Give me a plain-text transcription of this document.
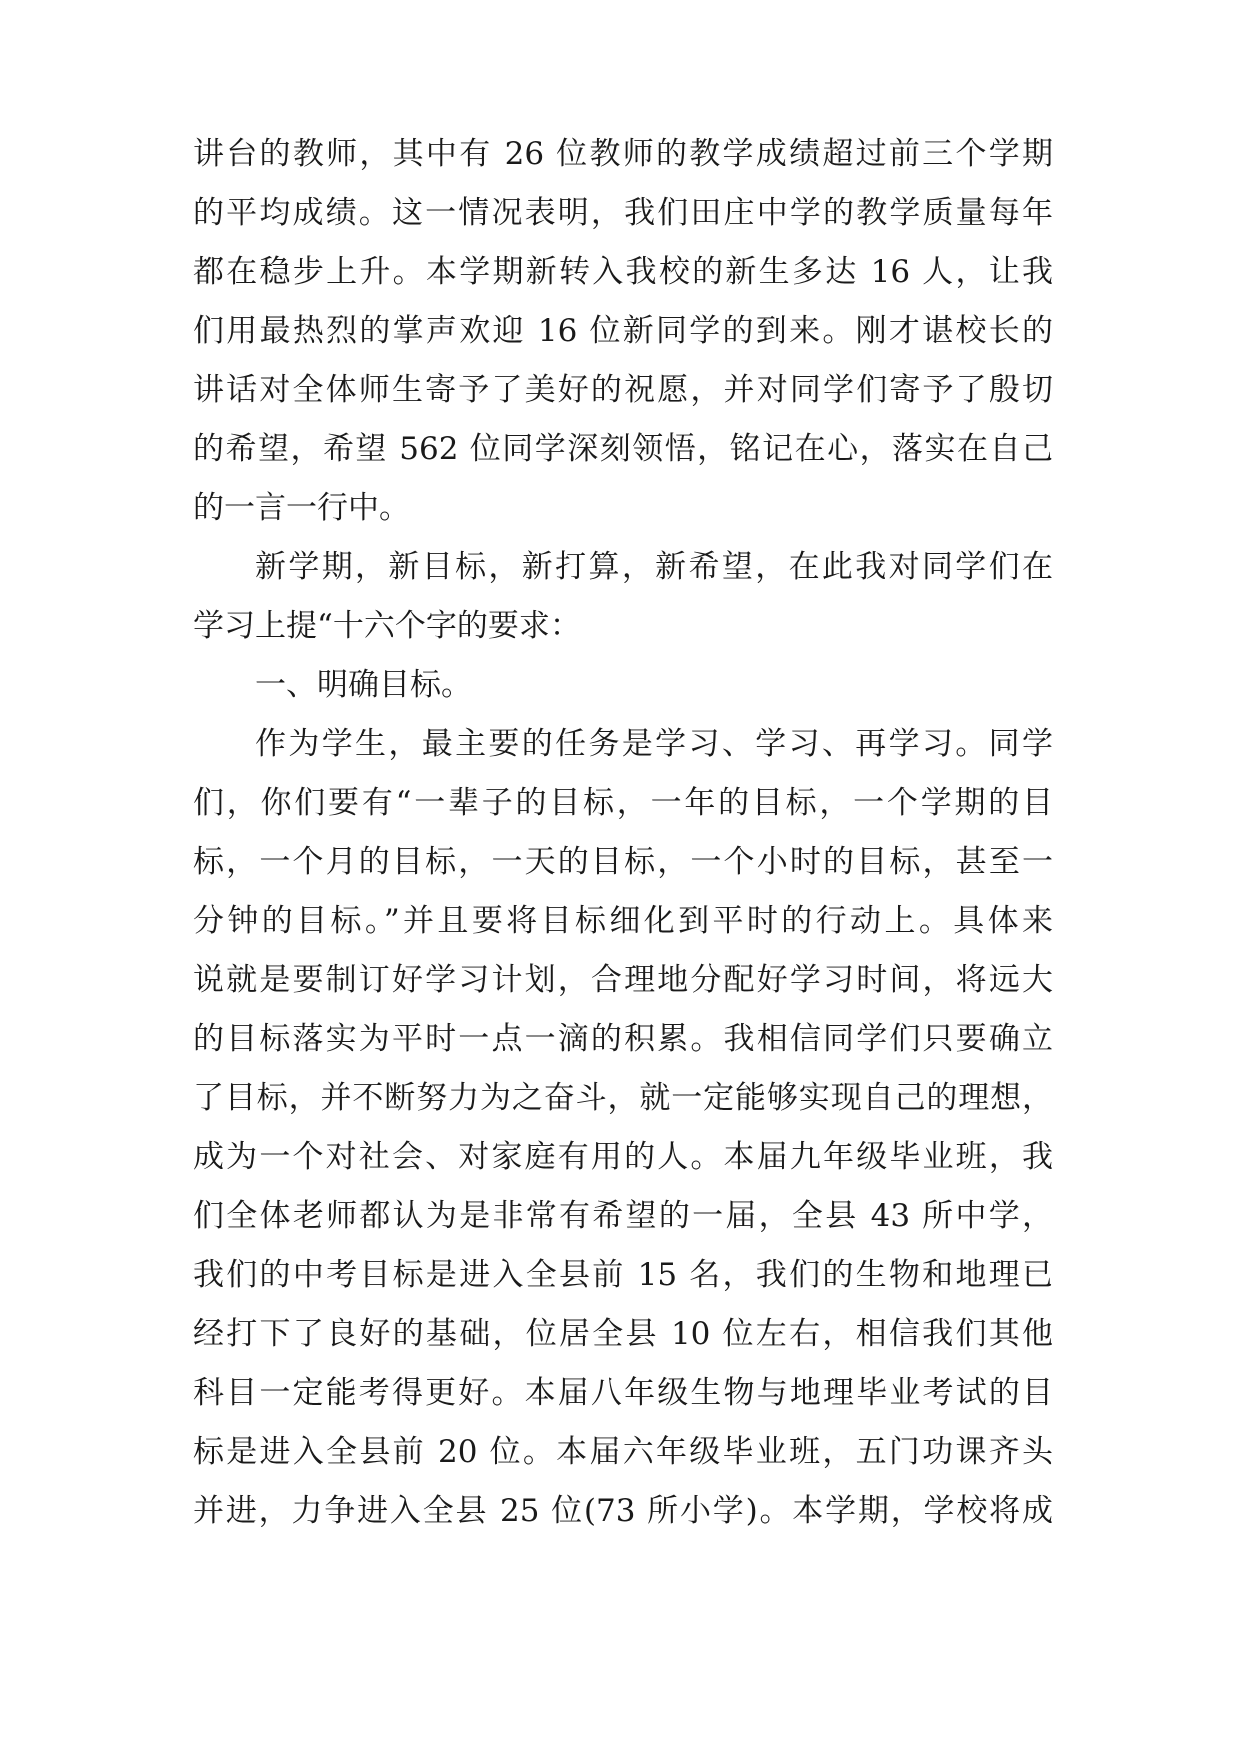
讲台的教师，其中有 26 位教师的教学成绩超过前三个学期
的平均成绩。这一情况表明，我们田庄中学的教学质量每年
都在稳步上升。本学期新转入我校的新生多达 16 人，让我
们用最热烈的掌声欢迎 16 位新同学的到来。刚才谌校长的
讲话对全体师生寄予了美好的祝愿，并对同学们寄予了殷切
的希望，希望 562 位同学深刻领悟，铭记在心，落实在自己
的一言一行中。
新学期，新目标，新打算，新希望，在此我对同学们在
学习上提“十六个字的要求：
一、明确目标。
作为学生，最主要的任务是学习、学习、再学习。同学
们，你们要有“一辈子的目标，一年的目标，一个学期的目
标，一个月的目标，一天的目标，一个小时的目标，甚至一
分钟的目标。”并且要将目标细化到平时的行动上。具体来
说就是要制订好学习计划，合理地分配好学习时间，将远大
的目标落实为平时一点一滴的积累。我相信同学们只要确立
了目标，并不断努力为之奋斗，就一定能够实现自己的理想，
成为一个对社会、对家庭有用的人。本届九年级毕业班，我
们全体老师都认为是非常有希望的一届，全县 43 所中学，
我们的中考目标是进入全县前 15 名，我们的生物和地理已
经打下了良好的基础，位居全县 10 位左右，相信我们其他
科目一定能考得更好。本届八年级生物与地理毕业考试的目
标是进入全县前 20 位。本届六年级毕业班，五门功课齐头
并进，力争进入全县 25 位(73 所小学)。本学期，学校将成
